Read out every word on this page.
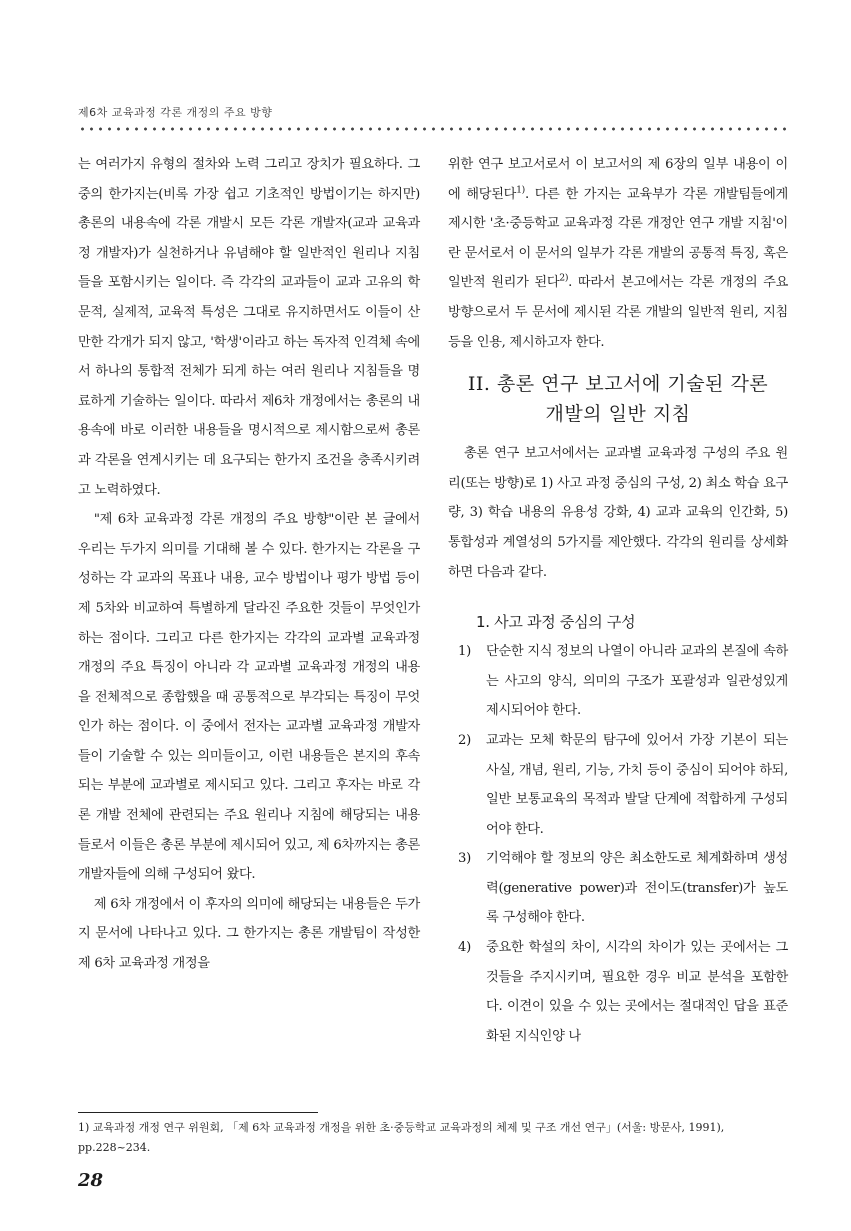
제6차 교육과정 각론 개정의 주요 방향

는 여러가지 유형의 절차와 노력 그리고 장치가 필요하다. 그 중의 한가지는(비록 가장 쉽고 기초적인 방법이기는 하지만) 총론의 내용속에 각론 개발시 모든 각론 개발자(교과 교육과정 개발자)가 실천하거나 유념해야 할 일반적인 원리나 지침들을 포함시키는 일이다. 즉 각각의 교과들이 교과 고유의 학문적, 실제적, 교육적 특성은 그대로 유지하면서도 이들이 산만한 각개가 되지 않고, '학생'이라고 하는 독자적 인격체 속에서 하나의 통합적 전체가 되게 하는 여러 원리나 지침들을 명료하게 기술하는 일이다. 따라서 제6차 개정에서는 총론의 내용속에 바로 이러한 내용들을 명시적으로 제시함으로써 총론과 각론을 연계시키는 데 요구되는 한가지 조건을 충족시키려고 노력하였다.

"제 6차 교육과정 각론 개정의 주요 방향"이란 본 글에서 우리는 두가지 의미를 기대해 볼 수 있다. 한가지는 각론을 구성하는 각 교과의 목표나 내용, 교수 방법이나 평가 방법 등이 제 5차와 비교하여 특별하게 달라진 주요한 것들이 무엇인가 하는 점이다. 그리고 다른 한가지는 각각의 교과별 교육과정 개정의 주요 특징이 아니라 각 교과별 교육과정 개정의 내용을 전체적으로 종합했을 때 공통적으로 부각되는 특징이 무엇인가 하는 점이다. 이 중에서 전자는 교과별 교육과정 개발자들이 기술할 수 있는 의미들이고, 이런 내용들은 본지의 후속되는 부분에 교과별로 제시되고 있다. 그리고 후자는 바로 각론 개발 전체에 관련되는 주요 원리나 지침에 해당되는 내용들로서 이들은 총론 부분에 제시되어 있고, 제 6차까지는 총론 개발자들에 의해 구성되어 왔다.

제 6차 개정에서 이 후자의 의미에 해당되는 내용들은 두가지 문서에 나타나고 있다. 그 한가지는 총론 개발팀이 작성한 제 6차 교육과정 개정을

위한 연구 보고서로서 이 보고서의 제 6장의 일부 내용이 이에 해당된다$^{1)}$. 다른 한 가지는 교육부가 각론 개발팀들에게 제시한 '초·중등학교 교육과정 각론 개정안 연구 개발 지침'이란 문서로서 이 문서의 일부가 각론 개발의 공통적 특징, 혹은 일반적 원리가 된다$^{2)}$. 따라서 본고에서는 각론 개정의 주요 방향으로서 두 문서에 제시된 각론 개발의 일반적 원리, 지침 등을 인용, 제시하고자 한다.

II. 총론 연구 보고서에 기술된 각론
개발의 일반 지침

총론 연구 보고서에서는 교과별 교육과정 구성의 주요 원리(또는 방향)로 1) 사고 과정 중심의 구성, 2) 최소 학습 요구량, 3) 학습 내용의 유용성 강화, 4) 교과 교육의 인간화, 5) 통합성과 계열성의 5가지를 제안했다. 각각의 원리를 상세화하면 다음과 같다.

1. 사고 과정 중심의 구성
1)	단순한 지식 정보의 나열이 아니라 교과의 본질에 속하는 사고의 양식, 의미의 구조가 포괄성과 일관성있게 제시되어야 한다.
2)	교과는 모체 학문의 탐구에 있어서 가장 기본이 되는 사실, 개념, 원리, 기능, 가치 등이 중심이 되어야 하되, 일반 보통교육의 목적과 발달 단계에 적합하게 구성되어야 한다.
3)	기억해야 할 정보의 양은 최소한도로 체계화하며 생성력(generative power)과 전이도(transfer)가 높도록 구성해야 한다.
4)	중요한 학설의 차이, 시각의 차이가 있는 곳에서는 그것들을 주지시키며, 필요한 경우 비교 분석을 포함한다. 이견이 있을 수 있는 곳에서는 절대적인 답을 표준화된 지식인양 나
1) 교육과정 개정 연구 위원회, 「제 6차 교육과정 개정을 위한 초·중등학교 교육과정의 체제 및 구조 개선 연구」(서울: 방문사, 1991), pp.228~234.
28
